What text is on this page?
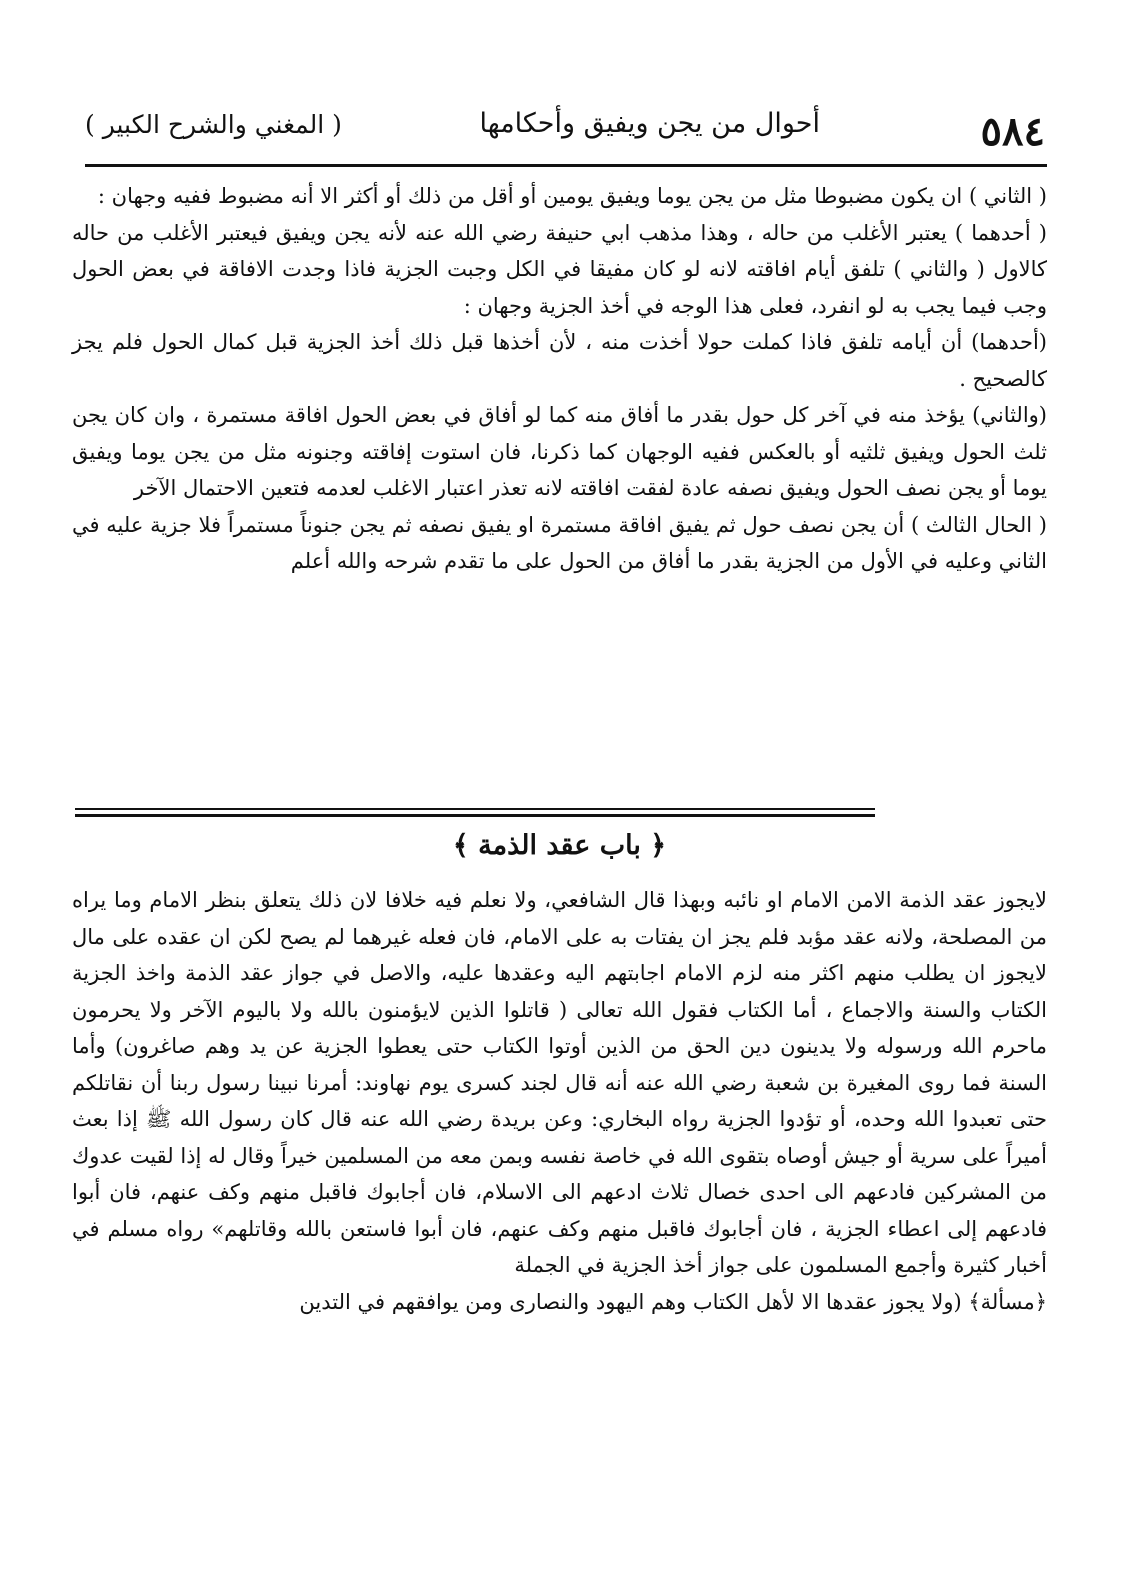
٥٨٤
أحوال من يجن ويفيق وأحكامها
( المغني والشرح الكبير )

( الثاني ) ان يكون مضبوطا مثل من يجن يوما ويفيق يومين أو أقل من ذلك أو أكثر الا أنه مضبوط ففيه وجهان :

( أحدهما ) يعتبر الأغلب من حاله ، وهذا مذهب ابي حنيفة رضي الله عنه لأنه يجن ويفيق فيعتبر الأغلب من حاله كالاول ( والثاني ) تلفق أيام افاقته لانه لو كان مفيقا في الكل وجبت الجزية فاذا وجدت الافاقة في بعض الحول وجب فيما يجب به لو انفرد، فعلى هذا الوجه في أخذ الجزية وجهان :

(أحدهما) أن أيامه تلفق فاذا كملت حولا أخذت منه ، لأن أخذها قبل ذلك أخذ الجزية قبل كمال الحول فلم يجز كالصحيح .

(والثاني) يؤخذ منه في آخر كل حول بقدر ما أفاق منه كما لو أفاق في بعض الحول افاقة مستمرة ، وان كان يجن ثلث الحول ويفيق ثلثيه أو بالعكس ففيه الوجهان كما ذكرنا، فان استوت إفاقته وجنونه مثل من يجن يوما ويفيق يوما أو يجن نصف الحول ويفيق نصفه عادة لفقت افاقته لانه تعذر اعتبار الاغلب لعدمه فتعين الاحتمال الآخر

( الحال الثالث ) أن يجن نصف حول ثم يفيق افاقة مستمرة او يفيق نصفه ثم يجن جنوناً مستمراً فلا جزية عليه في الثاني وعليه في الأول من الجزية بقدر ما أفاق من الحول على ما تقدم شرحه والله أعلم

﴿ باب عقد الذمة ﴾

لايجوز عقد الذمة الامن الامام او نائبه وبهذا قال الشافعي، ولا نعلم فيه خلافا لان ذلك يتعلق بنظر الامام وما يراه من المصلحة، ولانه عقد مؤبد فلم يجز ان يفتات به على الامام، فان فعله غيرهما لم يصح لكن ان عقده على مال لايجوز ان يطلب منهم اكثر منه لزم الامام اجابتهم اليه وعقدها عليه، والاصل في جواز عقد الذمة واخذ الجزية الكتاب والسنة والاجماع ، أما الكتاب فقول الله تعالى ( قاتلوا الذين لايؤمنون بالله ولا باليوم الآخر ولا يحرمون ماحرم الله ورسوله ولا يدينون دين الحق من الذين أوتوا الكتاب حتى يعطوا الجزية عن يد وهم صاغرون) وأما السنة فما روى المغيرة بن شعبة رضي الله عنه أنه قال لجند كسرى يوم نهاوند: أمرنا نبينا رسول ربنا أن نقاتلكم حتى تعبدوا الله وحده، أو تؤدوا الجزية رواه البخاري: وعن بريدة رضي الله عنه قال كان رسول الله ﷺ إذا بعث أميراً على سرية أو جيش أوصاه بتقوى الله في خاصة نفسه وبمن معه من المسلمين خيراً وقال له إذا لقيت عدوك من المشركين فادعهم الى احدى خصال ثلاث ادعهم الى الاسلام، فان أجابوك فاقبل منهم وكف عنهم، فان أبوا فادعهم إلى اعطاء الجزية ، فان أجابوك فاقبل منهم وكف عنهم، فان أبوا فاستعن بالله وقاتلهم» رواه مسلم في أخبار كثيرة وأجمع المسلمون على جواز أخذ الجزية في الجملة

﴿مسألة﴾ (ولا يجوز عقدها الا لأهل الكتاب وهم اليهود والنصارى ومن يوافقهم في التدين
